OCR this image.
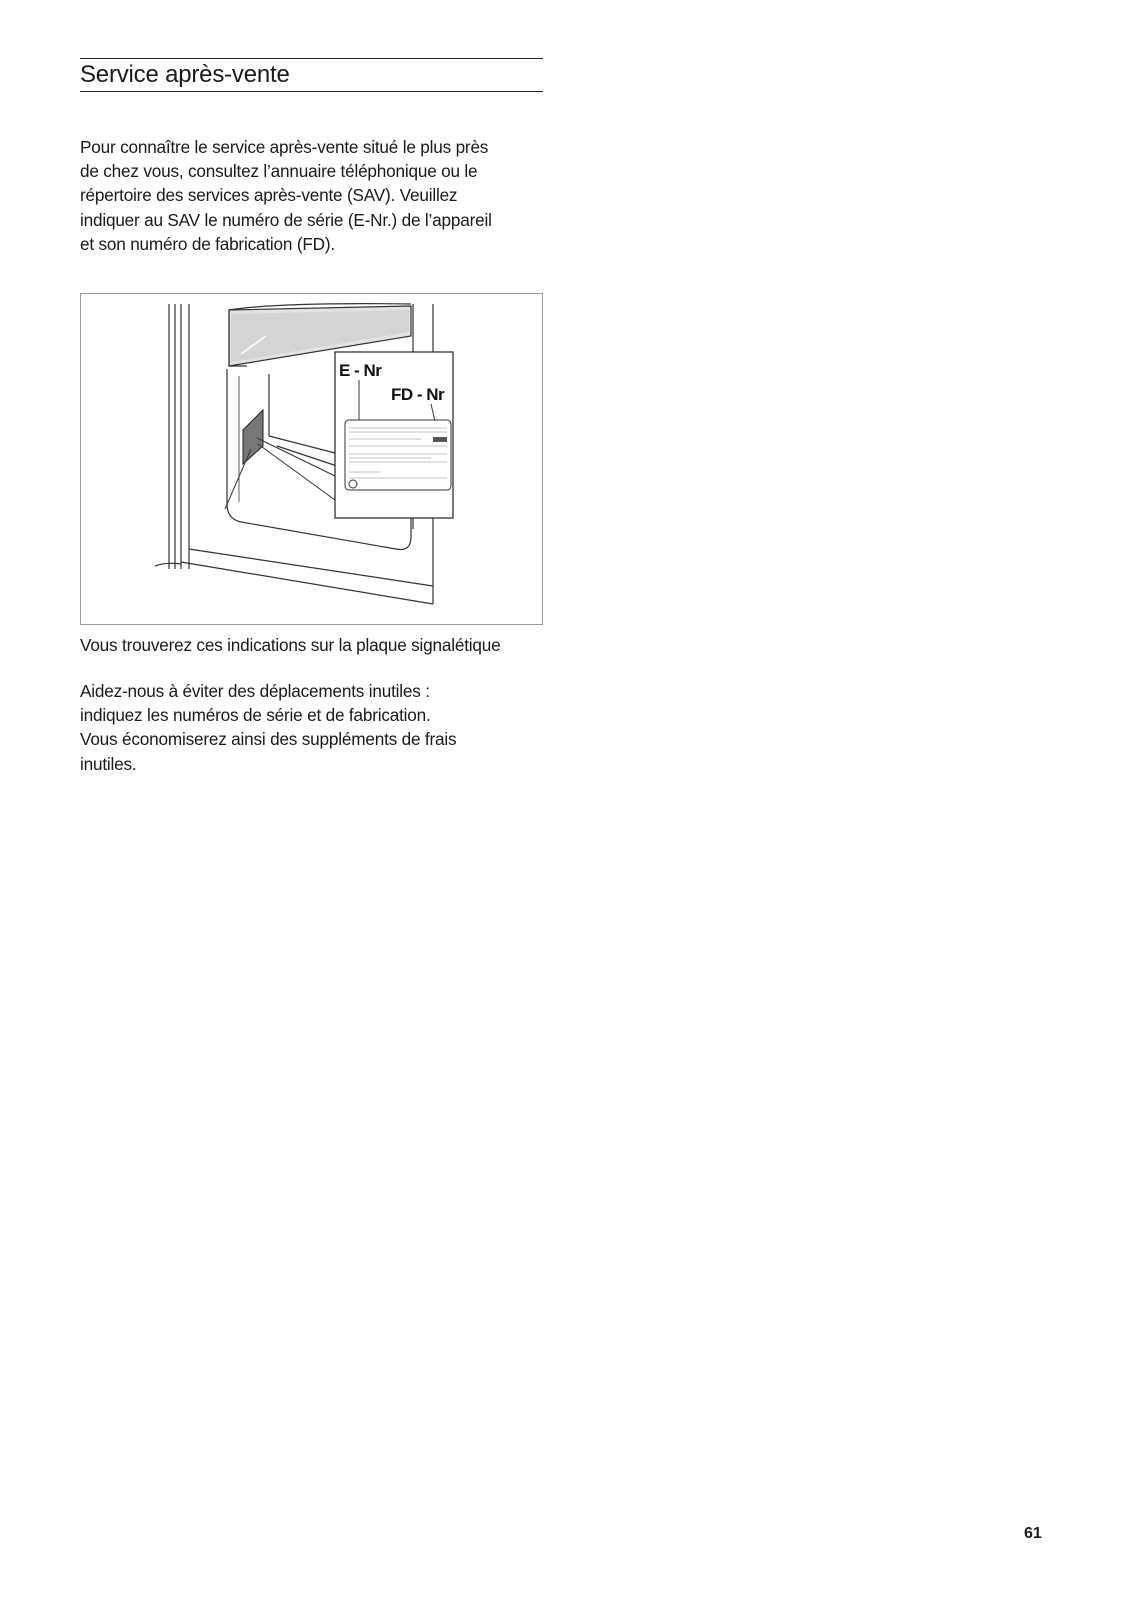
Service après-vente

Pour connaître le service après-vente situé le plus près
de chez vous, consultez l’annuaire téléphonique ou le
répertoire des services après-vente (SAV). Veuillez
indiquer au SAV le numéro de série (E-Nr.) de l’appareil
et son numéro de fabrication (FD).

E - Nr
FD - Nr

Vous trouverez ces indications sur la plaque signalétique

Aidez-nous à éviter des déplacements inutiles :
indiquez les numéros de série et de fabrication.
Vous économiserez ainsi des suppléments de frais
inutiles.

61
